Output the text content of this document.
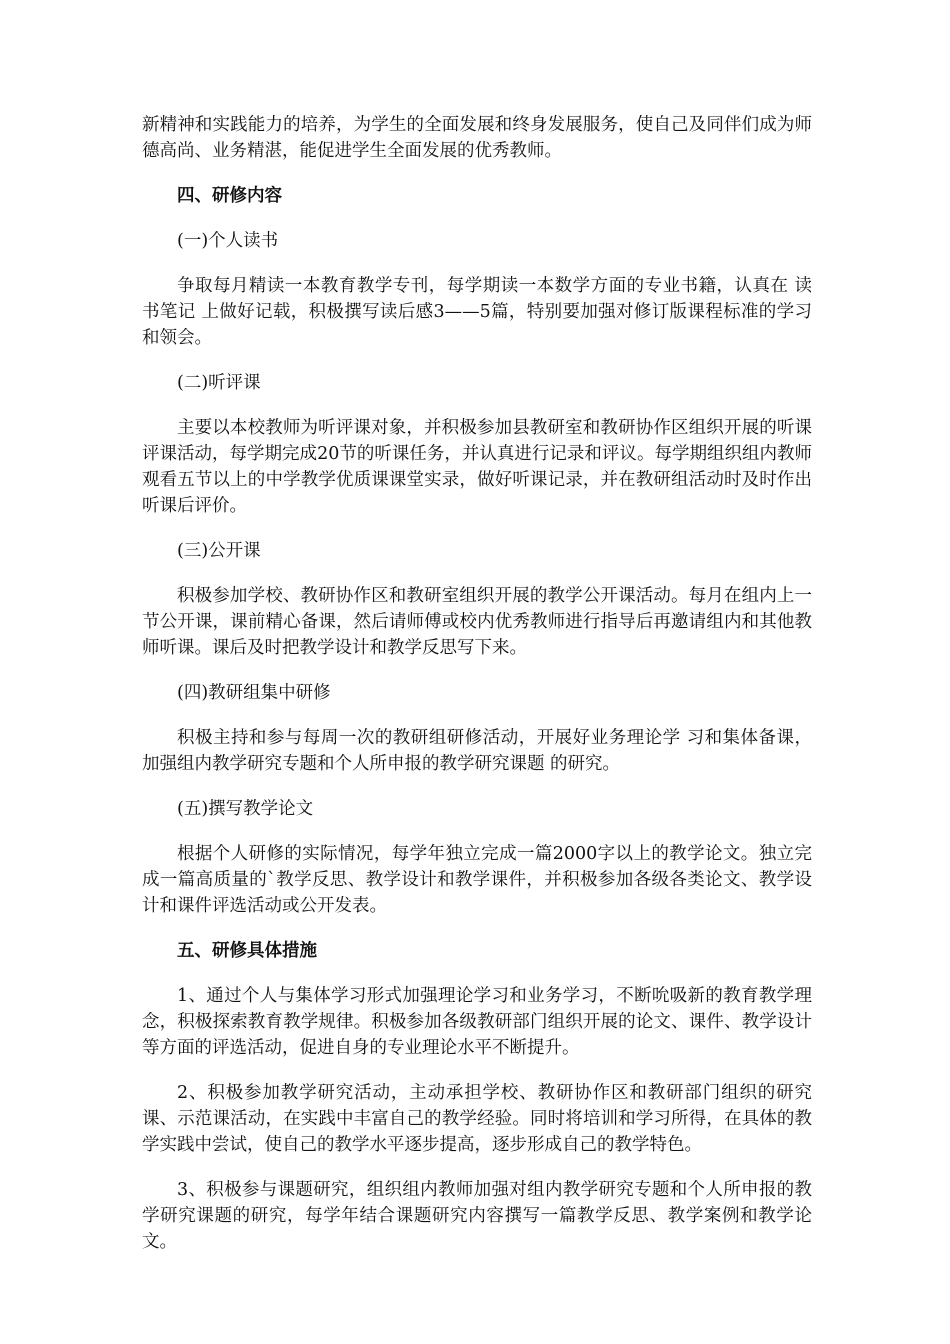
新精神和实践能力的培养，为学生的全面发展和终身发展服务，使自己及同伴们成为师德高尚、业务精湛，能促进学生全面发展的优秀教师。

四、研修内容

(一)个人读书

争取每月精读一本教育教学专刊，每学期读一本数学方面的专业书籍，认真在 读书笔记 上做好记载，积极撰写读后感3——5篇，特别要加强对修订版课程标准的学习和领会。

(二)听评课

主要以本校教师为听评课对象，并积极参加县教研室和教研协作区组织开展的听课评课活动，每学期完成20节的听课任务，并认真进行记录和评议。每学期组织组内教师观看五节以上的中学教学优质课课堂实录，做好听课记录，并在教研组活动时及时作出听课后评价。

(三)公开课

积极参加学校、教研协作区和教研室组织开展的教学公开课活动。每月在组内上一节公开课，课前精心备课，然后请师傅或校内优秀教师进行指导后再邀请组内和其他教师听课。课后及时把教学设计和教学反思写下来。

(四)教研组集中研修

积极主持和参与每周一次的教研组研修活动，开展好业务理论学 习和集体备课，加强组内教学研究专题和个人所申报的教学研究课题 的研究。

(五)撰写教学论文

根据个人研修的实际情况，每学年独立完成一篇2000字以上的教学论文。独立完成一篇高质量的`教学反思、教学设计和教学课件，并积极参加各级各类论文、教学设计和课件评选活动或公开发表。

五、研修具体措施

1、通过个人与集体学习形式加强理论学习和业务学习，不断吮吸新的教育教学理念，积极探索教育教学规律。积极参加各级教研部门组织开展的论文、课件、教学设计等方面的评选活动，促进自身的专业理论水平不断提升。

2、积极参加教学研究活动，主动承担学校、教研协作区和教研部门组织的研究课、示范课活动，在实践中丰富自己的教学经验。同时将培训和学习所得，在具体的教学实践中尝试，使自己的教学水平逐步提高，逐步形成自己的教学特色。

3、积极参与课题研究，组织组内教师加强对组内教学研究专题和个人所申报的教学研究课题的研究，每学年结合课题研究内容撰写一篇教学反思、教学案例和教学论文。
